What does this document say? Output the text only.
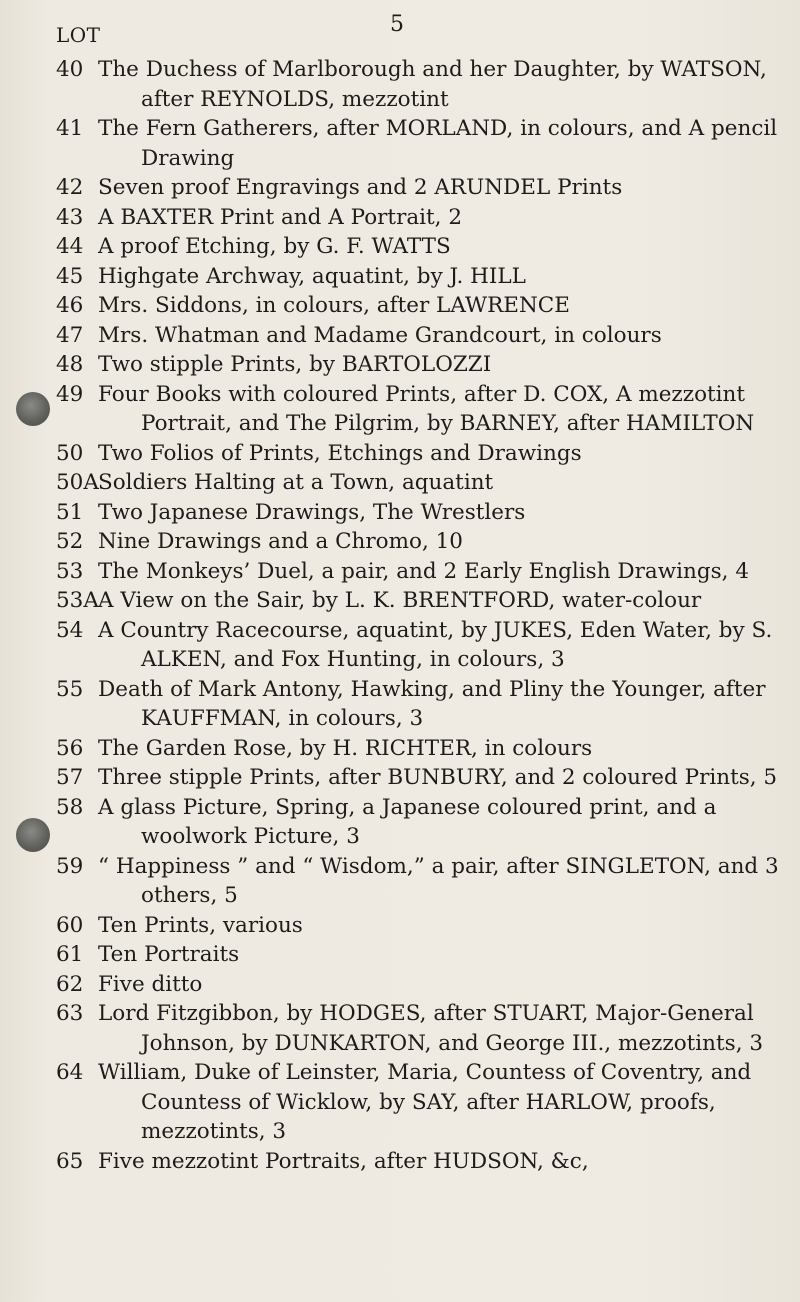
5
LOT
40 The Duchess of Marlborough and her Daughter, by WATSON, after REYNOLDS, mezzotint
41 The Fern Gatherers, after MORLAND, in colours, and A pencil Drawing
42 Seven proof Engravings and 2 ARUNDEL Prints
43 A BAXTER Print and A Portrait, 2
44 A proof Etching, by G. F. WATTS
45 Highgate Archway, aquatint, by J. HILL
46 Mrs. Siddons, in colours, after LAWRENCE
47 Mrs. Whatman and Madame Grandcourt, in colours
48 Two stipple Prints, by BARTOLOZZI
49 Four Books with coloured Prints, after D. COX, A mezzotint Portrait, and The Pilgrim, by BARNEY, after HAMILTON
50 Two Folios of Prints, Etchings and Drawings
50A Soldiers Halting at a Town, aquatint
51 Two Japanese Drawings, The Wrestlers
52 Nine Drawings and a Chromo, 10
53 The Monkeys’ Duel, a pair, and 2 Early English Drawings, 4
53A A View on the Sair, by L. K. BRENTFORD, water-colour
54 A Country Racecourse, aquatint, by JUKES, Eden Water, by S. ALKEN, and Fox Hunting, in colours, 3
55 Death of Mark Antony, Hawking, and Pliny the Younger, after KAUFFMAN, in colours, 3
56 The Garden Rose, by H. RICHTER, in colours
57 Three stipple Prints, after BUNBURY, and 2 coloured Prints, 5
58 A glass Picture, Spring, a Japanese coloured print, and a woolwork Picture, 3
59 “ Happiness ” and “ Wisdom,” a pair, after SINGLETON, and 3 others, 5
60 Ten Prints, various
61 Ten Portraits
62 Five ditto
63 Lord Fitzgibbon, by HODGES, after STUART, Major-General Johnson, by DUNKARTON, and George III., mezzotints, 3
64 William, Duke of Leinster, Maria, Countess of Coventry, and Countess of Wicklow, by SAY, after HARLOW, proofs, mezzotints, 3
65 Five mezzotint Portraits, after HUDSON, &c,
